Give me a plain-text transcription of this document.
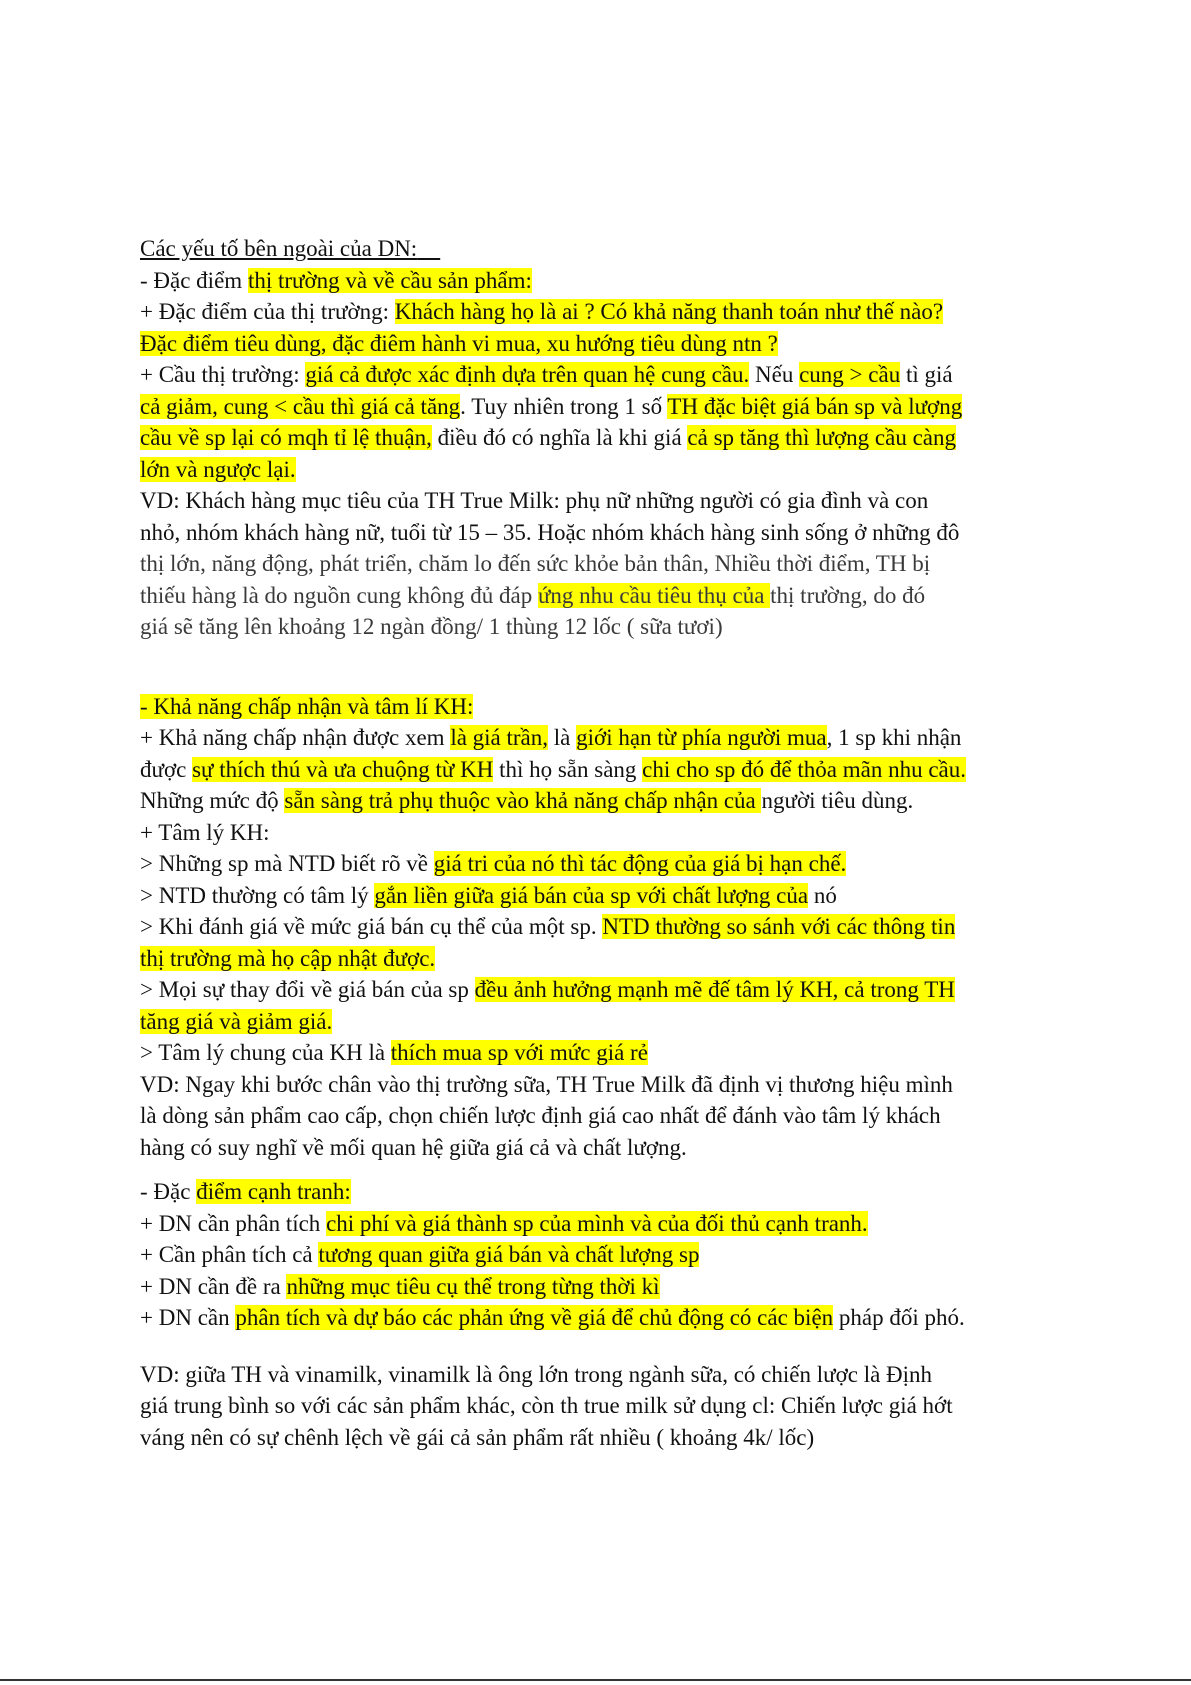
Các yếu tố bên ngoài của DN:
- Đặc điểm thị trường và về cầu sản phẩm:
+ Đặc điểm của thị trường: Khách hàng họ là ai ? Có khả năng thanh toán như thế nào?
Đặc điểm tiêu dùng, đặc điêm hành vi mua, xu hướng tiêu dùng ntn ?
+ Cầu thị trường: giá cả được xác định dựa trên quan hệ cung cầu. Nếu cung > cầu tì giá
cả giảm, cung < cầu thì giá cả tăng. Tuy nhiên trong 1 số TH đặc biệt giá bán sp và lượng
cầu về sp lại có mqh tỉ lệ thuận, điều đó có nghĩa là khi giá cả sp tăng thì lượng cầu càng
lớn và ngược lại.
VD: Khách hàng mục tiêu của TH True Milk: phụ nữ những người có gia đình và con
nhỏ, nhóm khách hàng nữ, tuổi từ 15 – 35. Hoặc nhóm khách hàng sinh sống ở những đô
thị lớn, năng động, phát triển, chăm lo đến sức khỏe bản thân, Nhiều thời điểm, TH bị
thiếu hàng là do nguồn cung không đủ đáp ứng nhu cầu tiêu thụ của thị trường, do đó
giá sẽ tăng lên khoảng 12 ngàn đồng/ 1 thùng 12 lốc ( sữa tươi)
- Khả năng chấp nhận và tâm lí KH:
+ Khả năng chấp nhận được xem là giá trần, là giới hạn từ phía người mua, 1 sp khi nhận
được sự thích thú và ưa chuộng từ KH thì họ sẵn sàng chi cho sp đó để thỏa mãn nhu cầu.
Những mức độ sẵn sàng trả phụ thuộc vào khả năng chấp nhận của người tiêu dùng.
+ Tâm lý KH:
> Những sp mà NTD biết rõ về giá tri của nó thì tác động của giá bị hạn chế.
> NTD thường có tâm lý gắn liền giữa giá bán của sp với chất lượng của nó
> Khi đánh giá về mức giá bán cụ thể của một sp. NTD thường so sánh với các thông tin
thị trường mà họ cập nhật được.
> Mọi sự thay đổi về giá bán của sp đều ảnh hưởng mạnh mẽ đế tâm lý KH, cả trong TH
tăng giá và giảm giá.
> Tâm lý chung của KH là thích mua sp với mức giá rẻ
VD: Ngay khi bước chân vào thị trường sữa, TH True Milk đã định vị thương hiệu mình
là dòng sản phẩm cao cấp, chọn chiến lược định giá cao nhất để đánh vào tâm lý khách
hàng có suy nghĩ về mối quan hệ giữa giá cả và chất lượng.
- Đặc điểm cạnh tranh:
+ DN cần phân tích chi phí và giá thành sp của mình và của đối thủ cạnh tranh.
+ Cần phân tích cả tương quan giữa giá bán và chất lượng sp
+ DN cần đề ra những mục tiêu cụ thể trong từng thời kì
+ DN cần phân tích và dự báo các phản ứng về giá để chủ động có các biện pháp đối phó.
VD: giữa TH và vinamilk, vinamilk là ông lớn trong ngành sữa, có chiến lược là Định
giá trung bình so với các sản phẩm khác, còn th true milk sử dụng cl: Chiến lược giá hớt
váng nên có sự chênh lệch về gái cả sản phẩm rất nhiều ( khoảng 4k/ lốc)
